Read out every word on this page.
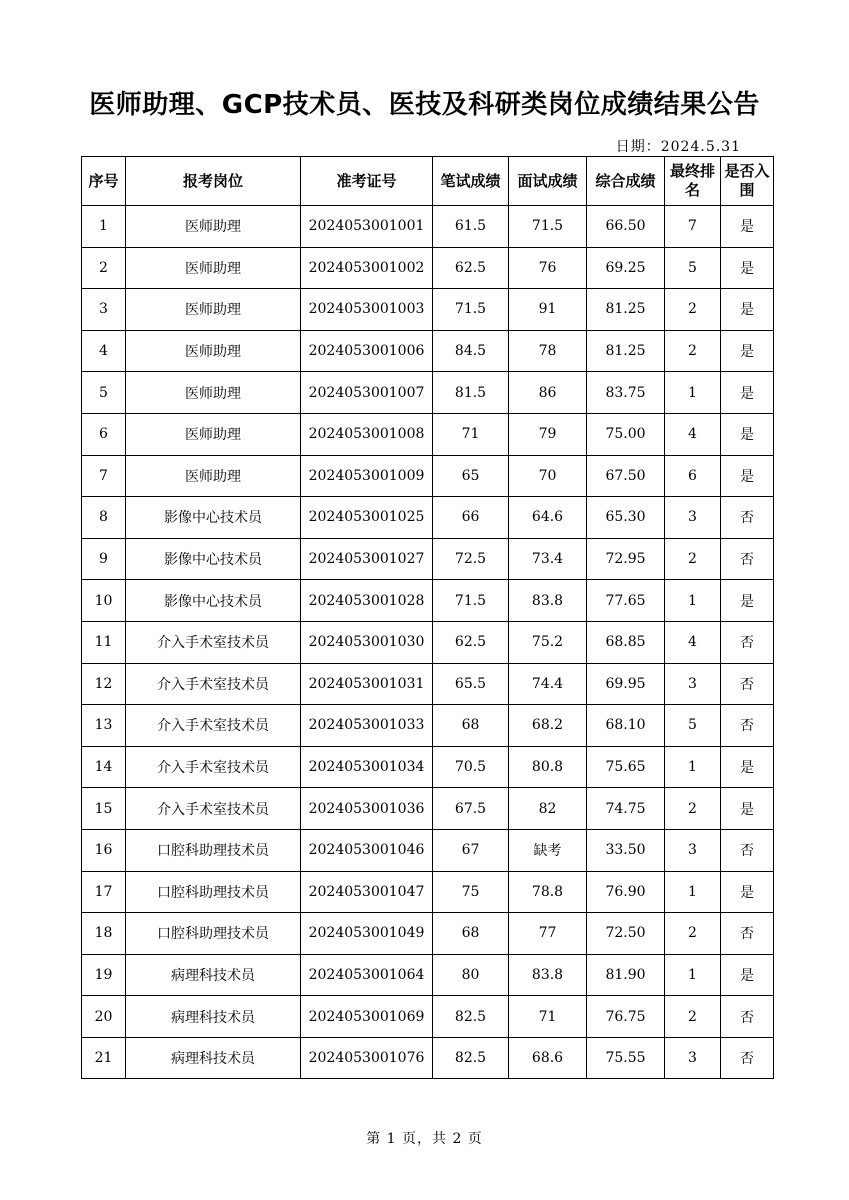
医师助理、GCP技术员、医技及科研类岗位成绩结果公告
日期：2024.5.31
序号	报考岗位	准考证号	笔试成绩	面试成绩	综合成绩	最终排名	是否入围
1	医师助理	2024053001001	61.5	71.5	66.50	7	是
2	医师助理	2024053001002	62.5	76	69.25	5	是
3	医师助理	2024053001003	71.5	91	81.25	2	是
4	医师助理	2024053001006	84.5	78	81.25	2	是
5	医师助理	2024053001007	81.5	86	83.75	1	是
6	医师助理	2024053001008	71	79	75.00	4	是
7	医师助理	2024053001009	65	70	67.50	6	是
8	影像中心技术员	2024053001025	66	64.6	65.30	3	否
9	影像中心技术员	2024053001027	72.5	73.4	72.95	2	否
10	影像中心技术员	2024053001028	71.5	83.8	77.65	1	是
11	介入手术室技术员	2024053001030	62.5	75.2	68.85	4	否
12	介入手术室技术员	2024053001031	65.5	74.4	69.95	3	否
13	介入手术室技术员	2024053001033	68	68.2	68.10	5	否
14	介入手术室技术员	2024053001034	70.5	80.8	75.65	1	是
15	介入手术室技术员	2024053001036	67.5	82	74.75	2	是
16	口腔科助理技术员	2024053001046	67	缺考	33.50	3	否
17	口腔科助理技术员	2024053001047	75	78.8	76.90	1	是
18	口腔科助理技术员	2024053001049	68	77	72.50	2	否
19	病理科技术员	2024053001064	80	83.8	81.90	1	是
20	病理科技术员	2024053001069	82.5	71	76.75	2	否
21	病理科技术员	2024053001076	82.5	68.6	75.55	3	否
第 1 页，共 2 页
